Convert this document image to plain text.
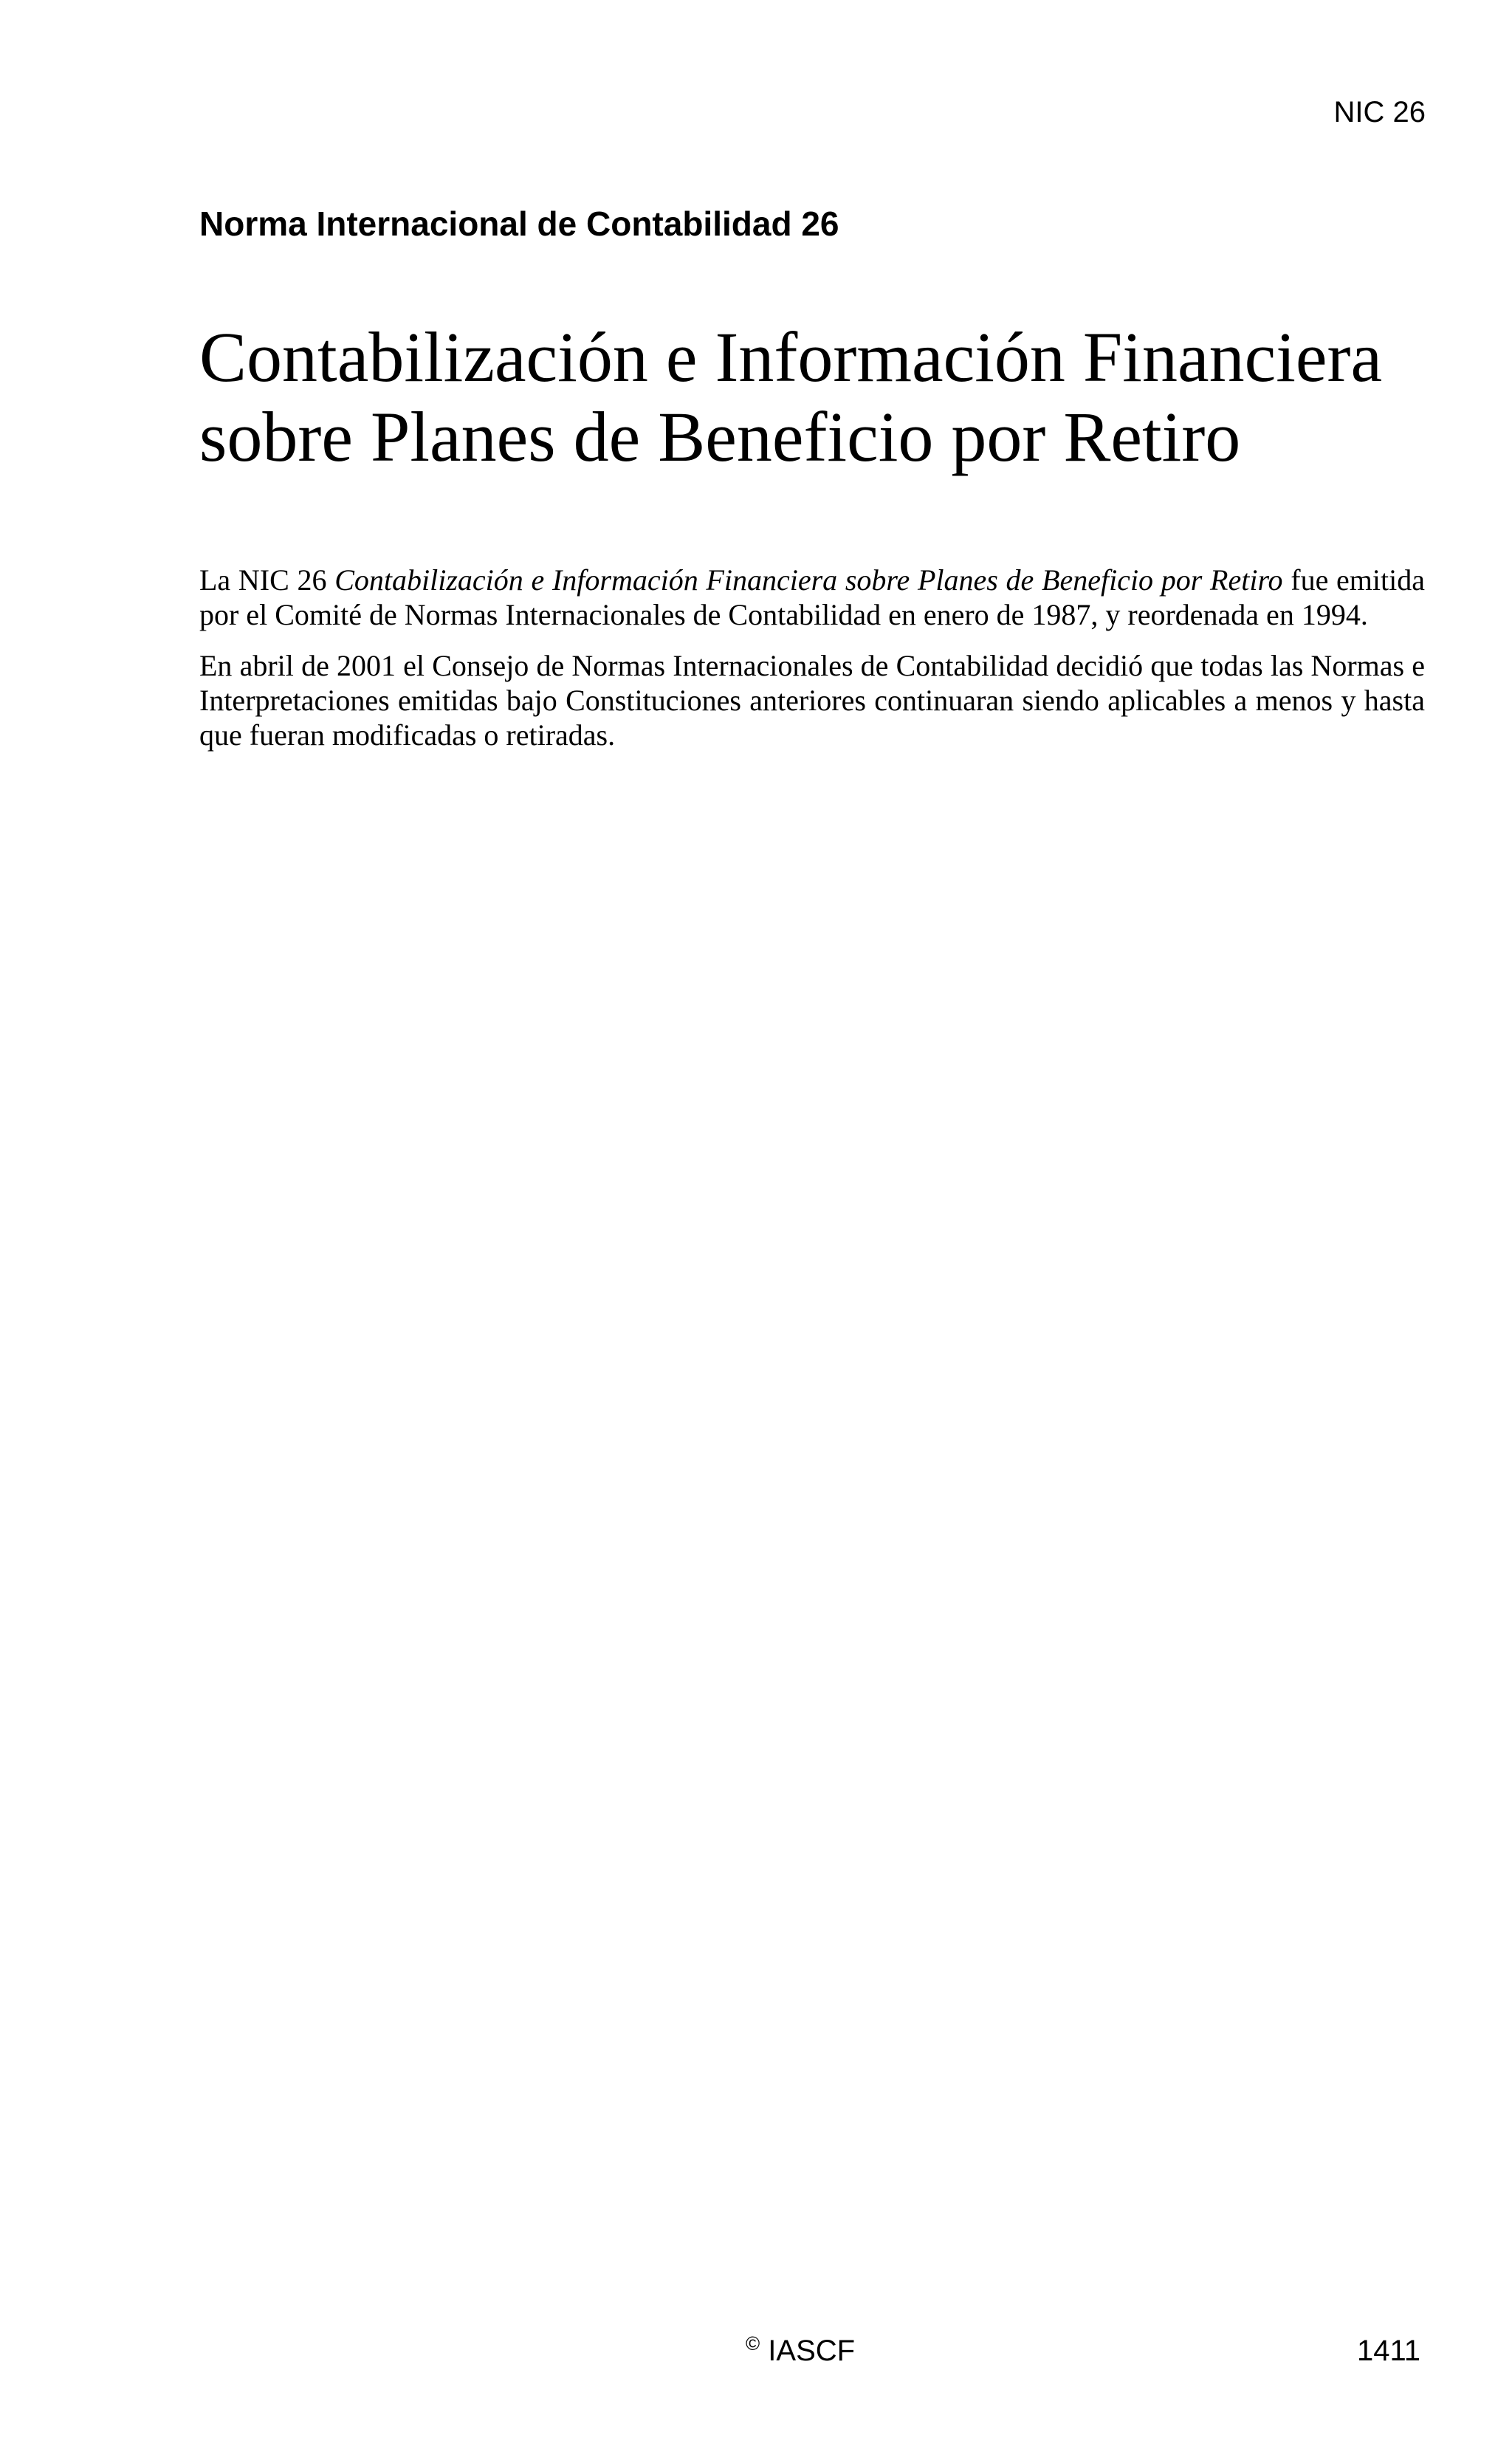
NIC 26
Norma Internacional de Contabilidad 26
Contabilización e Información Financiera
sobre Planes de Beneficio por Retiro

La NIC 26 Contabilización e Información Financiera sobre Planes de Beneficio por Retiro fue emitida por el Comité de Normas Internacionales de Contabilidad en enero de 1987, y reordenada en 1994.

En abril de 2001 el Consejo de Normas Internacionales de Contabilidad decidió que todas las Normas e Interpretaciones emitidas bajo Constituciones anteriores continuaran siendo aplicables a menos y hasta que fueran modificadas o retiradas.

© IASCF	1411
